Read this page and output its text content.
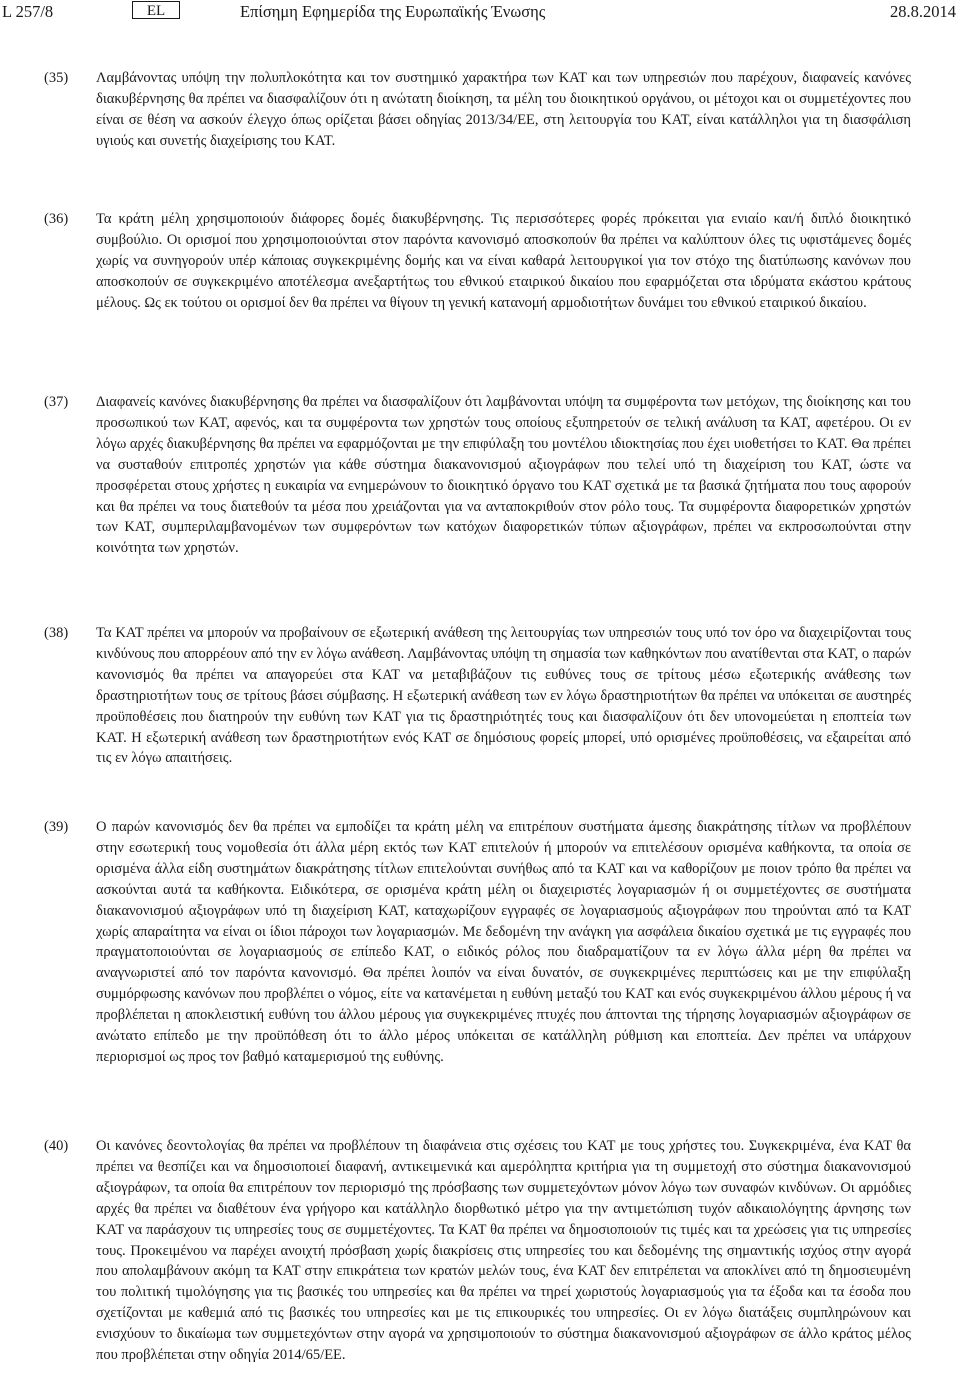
L 257/8	EL	Επίσημη Εφημερίδα της Ευρωπαϊκής Ένωσης	28.8.2014
(35) Λαμβάνοντας υπόψη την πολυπλοκότητα και τον συστημικό χαρακτήρα των ΚΑΤ και των υπηρεσιών που παρέχουν, διαφανείς κανόνες διακυβέρνησης θα πρέπει να διασφαλίζουν ότι η ανώτατη διοίκηση, τα μέλη του διοικητικού οργάνου, οι μέτοχοι και οι συμμετέχοντες που είναι σε θέση να ασκούν έλεγχο όπως ορίζεται βάσει οδηγίας 2013/34/ΕΕ, στη λειτουργία του ΚΑΤ, είναι κατάλληλοι για τη διασφάλιση υγιούς και συνετής διαχείρισης του ΚΑΤ.
(36) Τα κράτη μέλη χρησιμοποιούν διάφορες δομές διακυβέρνησης. Τις περισσότερες φορές πρόκειται για ενιαίο και/ή διπλό διοικητικό συμβούλιο. Οι ορισμοί που χρησιμοποιούνται στον παρόντα κανονισμό αποσκοπούν θα πρέπει να καλύπτουν όλες τις υφιστάμενες δομές χωρίς να συνηγορούν υπέρ κάποιας συγκεκριμένης δομής και να είναι καθαρά λειτουργικοί για τον στόχο της διατύπωσης κανόνων που αποσκοπούν σε συγκεκριμένο αποτέλεσμα ανεξαρτήτως του εθνικού εταιρικού δικαίου που εφαρμόζεται στα ιδρύματα εκάστου κράτους μέλους. Ως εκ τούτου οι ορισμοί δεν θα πρέπει να θίγουν τη γενική κατανομή αρμοδιοτήτων δυνάμει του εθνικού εταιρικού δικαίου.
(37) Διαφανείς κανόνες διακυβέρνησης θα πρέπει να διασφαλίζουν ότι λαμβάνονται υπόψη τα συμφέροντα των μετόχων, της διοίκησης και του προσωπικού των ΚΑΤ, αφενός, και τα συμφέροντα των χρηστών τους οποίους εξυπηρετούν σε τελική ανάλυση τα ΚΑΤ, αφετέρου. Οι εν λόγω αρχές διακυβέρνησης θα πρέπει να εφαρμόζονται με την επιφύλαξη του μοντέλου ιδιοκτησίας που έχει υιοθετήσει το ΚΑΤ. Θα πρέπει να συσταθούν επιτροπές χρηστών για κάθε σύστημα διακανονισμού αξιογράφων που τελεί υπό τη διαχείριση του ΚΑΤ, ώστε να προσφέρεται στους χρήστες η ευκαιρία να ενημερώνουν το διοικητικό όργανο του ΚΑΤ σχετικά με τα βασικά ζητήματα που τους αφορούν και θα πρέπει να τους διατεθούν τα μέσα που χρειάζονται για να ανταποκριθούν στον ρόλο τους. Τα συμφέροντα διαφορετικών χρηστών των ΚΑΤ, συμπεριλαμβανομένων των συμφερόντων των κατόχων διαφορετικών τύπων αξιογράφων, πρέπει να εκπροσωπούνται στην κοινότητα των χρηστών.
(38) Τα ΚΑΤ πρέπει να μπορούν να προβαίνουν σε εξωτερική ανάθεση της λειτουργίας των υπηρεσιών τους υπό τον όρο να διαχειρίζονται τους κινδύνους που απορρέουν από την εν λόγω ανάθεση. Λαμβάνοντας υπόψη τη σημασία των καθηκόντων που ανατίθενται στα ΚΑΤ, ο παρών κανονισμός θα πρέπει να απαγορεύει στα ΚΑΤ να μεταβιβάζουν τις ευθύνες τους σε τρίτους μέσω εξωτερικής ανάθεσης των δραστηριοτήτων τους σε τρίτους βάσει σύμβασης. Η εξωτερική ανάθεση των εν λόγω δραστηριοτήτων θα πρέπει να υπόκειται σε αυστηρές προϋποθέσεις που διατηρούν την ευθύνη των ΚΑΤ για τις δραστηριότητές τους και διασφαλίζουν ότι δεν υπονομεύεται η εποπτεία των ΚΑΤ. Η εξωτερική ανάθεση των δραστηριοτήτων ενός ΚΑΤ σε δημόσιους φορείς μπορεί, υπό ορισμένες προϋποθέσεις, να εξαιρείται από τις εν λόγω απαιτήσεις.
(39) Ο παρών κανονισμός δεν θα πρέπει να εμποδίζει τα κράτη μέλη να επιτρέπουν συστήματα άμεσης διακράτησης τίτλων να προβλέπουν στην εσωτερική τους νομοθεσία ότι άλλα μέρη εκτός των ΚΑΤ επιτελούν ή μπορούν να επιτελέσουν ορισμένα καθήκοντα, τα οποία σε ορισμένα άλλα είδη συστημάτων διακράτησης τίτλων επιτελούνται συνήθως από τα ΚΑΤ και να καθορίζουν με ποιον τρόπο θα πρέπει να ασκούνται αυτά τα καθήκοντα. Ειδικότερα, σε ορισμένα κράτη μέλη οι διαχειριστές λογαριασμών ή οι συμμετέχοντες σε συστήματα διακανονισμού αξιογράφων υπό τη διαχείριση ΚΑΤ, καταχωρίζουν εγγραφές σε λογαριασμούς αξιογράφων που τηρούνται από τα ΚΑΤ χωρίς απαραίτητα να είναι οι ίδιοι πάροχοι των λογαριασμών. Με δεδομένη την ανάγκη για ασφάλεια δικαίου σχετικά με τις εγγραφές που πραγματοποιούνται σε λογαριασμούς σε επίπεδο ΚΑΤ, ο ειδικός ρόλος που διαδραματίζουν τα εν λόγω άλλα μέρη θα πρέπει να αναγνωριστεί από τον παρόντα κανονισμό. Θα πρέπει λοιπόν να είναι δυνατόν, σε συγκεκριμένες περιπτώσεις και με την επιφύλαξη συμμόρφωσης κανόνων που προβλέπει ο νόμος, είτε να κατανέμεται η ευθύνη μεταξύ του ΚΑΤ και ενός συγκεκριμένου άλλου μέρους ή να προβλέπεται η αποκλειστική ευθύνη του άλλου μέρους για συγκεκριμένες πτυχές που άπτονται της τήρησης λογαριασμών αξιογράφων σε ανώτατο επίπεδο με την προϋπόθεση ότι το άλλο μέρος υπόκειται σε κατάλληλη ρύθμιση και εποπτεία. Δεν πρέπει να υπάρχουν περιορισμοί ως προς τον βαθμό καταμερισμού της ευθύνης.
(40) Οι κανόνες δεοντολογίας θα πρέπει να προβλέπουν τη διαφάνεια στις σχέσεις του ΚΑΤ με τους χρήστες του. Συγκεκριμένα, ένα ΚΑΤ θα πρέπει να θεσπίζει και να δημοσιοποιεί διαφανή, αντικειμενικά και αμερόληπτα κριτήρια για τη συμμετοχή στο σύστημα διακανονισμού αξιογράφων, τα οποία θα επιτρέπουν τον περιορισμό της πρόσβασης των συμμετεχόντων μόνον λόγω των συναφών κινδύνων. Οι αρμόδιες αρχές θα πρέπει να διαθέτουν ένα γρήγορο και κατάλληλο διορθωτικό μέτρο για την αντιμετώπιση τυχόν αδικαιολόγητης άρνησης των ΚΑΤ να παράσχουν τις υπηρεσίες τους σε συμμετέχοντες. Τα ΚΑΤ θα πρέπει να δημοσιοποιούν τις τιμές και τα χρεώσεις για τις υπηρεσίες τους. Προκειμένου να παρέχει ανοιχτή πρόσβαση χωρίς διακρίσεις στις υπηρεσίες του και δεδομένης της σημαντικής ισχύος στην αγορά που απολαμβάνουν ακόμη τα ΚΑΤ στην επικράτεια των κρατών μελών τους, ένα ΚΑΤ δεν επιτρέπεται να αποκλίνει από τη δημοσιευμένη του πολιτική τιμολόγησης για τις βασικές του υπηρεσίες και θα πρέπει να τηρεί χωριστούς λογαριασμούς για τα έξοδα και τα έσοδα που σχετίζονται με καθεμιά από τις βασικές του υπηρεσίες και με τις επικουρικές του υπηρεσίες. Οι εν λόγω διατάξεις συμπληρώνουν και ενισχύουν το δικαίωμα των συμμετεχόντων στην αγορά να χρησιμοποιούν το σύστημα διακανονισμού αξιογράφων σε άλλο κράτος μέλος που προβλέπεται στην οδηγία 2014/65/ΕΕ.
